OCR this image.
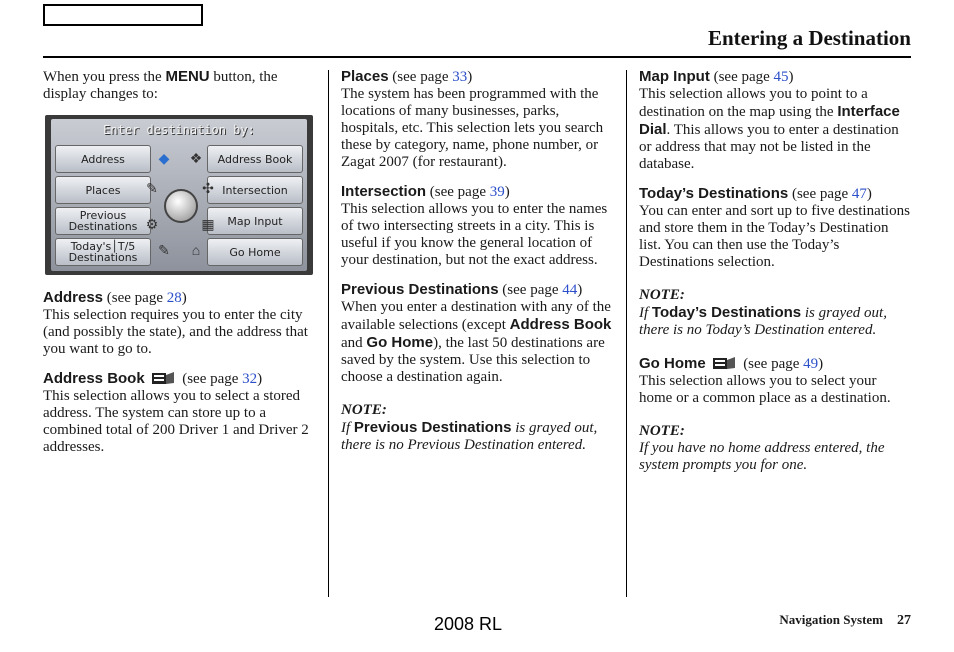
Entering a Destination

When you press the MENU button, the display changes to:

Enter destination by:
Address
Places
Previous Destinations
Today's│T/5 Destinations
Address Book
Intersection
Map Input
Go Home
◆ ❖
✎	✣
⚙	▦
✎	⌂
Address (see page 28)

This selection requires you to enter the city (and possibly the state), and the address that you want to go to.

Address Book	(see page 32)

This selection allows you to select a stored address. The system can store up to a combined total of 200 Driver 1 and Driver 2 addresses.

Places (see page 33)

The system has been programmed with the locations of many businesses, parks, hospitals, etc. This selection lets you search these by category, name, phone number, or Zagat 2007 (for restaurant).

Intersection (see page 39)

This selection allows you to enter the names of two intersecting streets in a city. This is useful if you know the general location of your destination, but not the exact address.

Previous Destinations (see page 44)

When you enter a destination with any of the available selections (except Address Book and Go Home), the last 50 destinations are saved by the system. Use this selection to choose a destination again.

NOTE:
If Previous Destinations is grayed out, there is no Previous Destination entered.
Map Input (see page 45)

This selection allows you to point to a destination on the map using the Interface Dial. This allows you to enter a destination or address that may not be listed in the database.

Today’s Destinations (see page 47)

You can enter and sort up to five destinations and store them in the Today’s Destination list. You can then use the Today’s Destinations selection.

NOTE:
If Today’s Destinations is grayed out, there is no Today’s Destination entered.
Go Home	(see page 49)

This selection allows you to select your home or a common place as a destination.

NOTE:
If you have no home address entered, the system prompts you for one.
2008 RL	Navigation System 27
